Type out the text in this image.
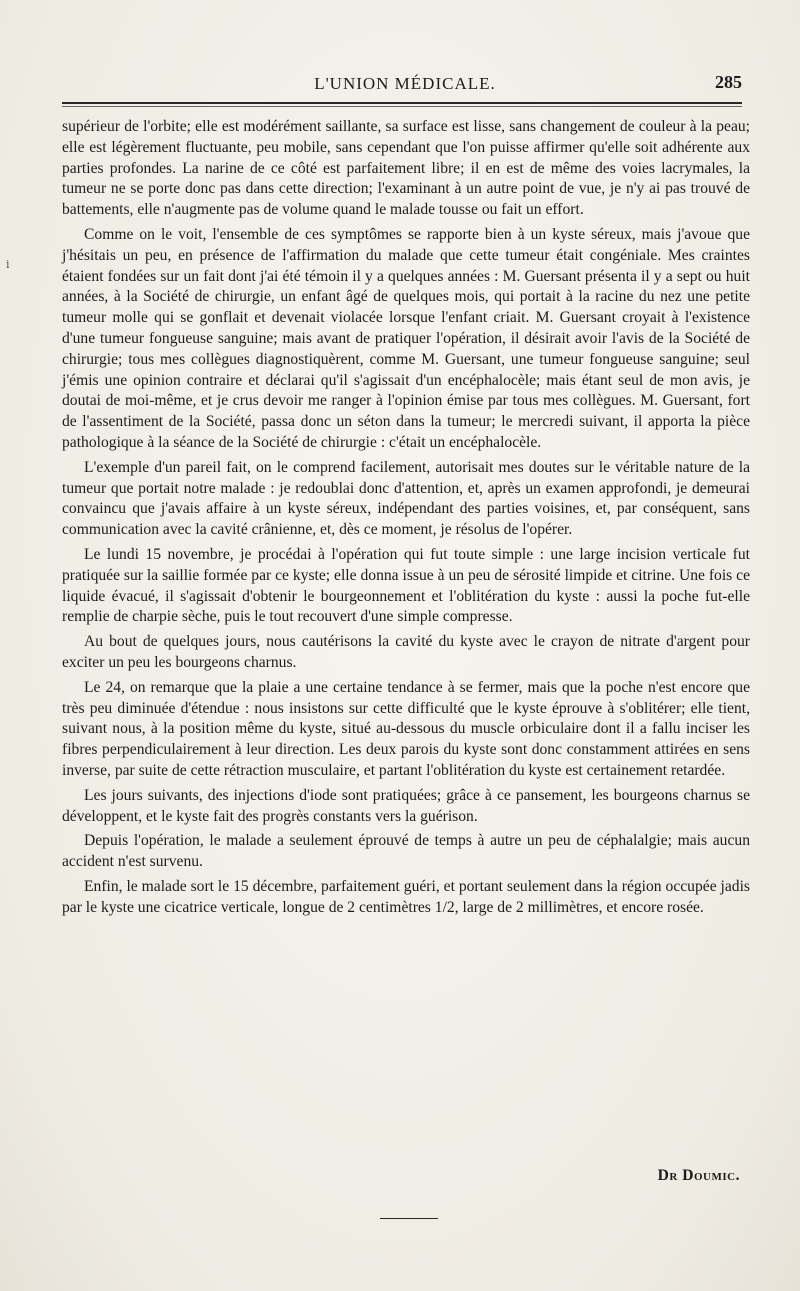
L'UNION MÉDICALE.	285
i

supérieur de l'orbite; elle est modérément saillante, sa surface est lisse, sans changement de couleur à la peau; elle est légèrement fluctuante, peu mobile, sans cependant que l'on puisse affirmer qu'elle soit adhérente aux parties profondes. La narine de ce côté est parfaitement libre; il en est de même des voies lacrymales, la tumeur ne se porte donc pas dans cette direction; l'examinant à un autre point de vue, je n'y ai pas trouvé de battements, elle n'augmente pas de volume quand le malade tousse ou fait un effort.

Comme on le voit, l'ensemble de ces symptômes se rapporte bien à un kyste séreux, mais j'avoue que j'hésitais un peu, en présence de l'affirmation du malade que cette tumeur était congéniale. Mes craintes étaient fondées sur un fait dont j'ai été témoin il y a quelques années : M. Guersant présenta il y a sept ou huit années, à la Société de chirurgie, un enfant âgé de quelques mois, qui portait à la racine du nez une petite tumeur molle qui se gonflait et devenait violacée lorsque l'enfant criait. M. Guersant croyait à l'existence d'une tumeur fongueuse sanguine; mais avant de pratiquer l'opération, il désirait avoir l'avis de la Société de chirurgie; tous mes collègues diagnostiquèrent, comme M. Guersant, une tumeur fongueuse sanguine; seul j'émis une opinion contraire et déclarai qu'il s'agissait d'un encéphalocèle; mais étant seul de mon avis, je doutai de moi-même, et je crus devoir me ranger à l'opinion émise par tous mes collègues. M. Guersant, fort de l'assentiment de la Société, passa donc un séton dans la tumeur; le mercredi suivant, il apporta la pièce pathologique à la séance de la Société de chirurgie : c'était un encéphalocèle.

L'exemple d'un pareil fait, on le comprend facilement, autorisait mes doutes sur le véritable nature de la tumeur que portait notre malade : je redoublai donc d'attention, et, après un examen approfondi, je demeurai convaincu que j'avais affaire à un kyste séreux, indépendant des parties voisines, et, par conséquent, sans communication avec la cavité crânienne, et, dès ce moment, je résolus de l'opérer.

Le lundi 15 novembre, je procédai à l'opération qui fut toute simple : une large incision verticale fut pratiquée sur la saillie formée par ce kyste; elle donna issue à un peu de sérosité limpide et citrine. Une fois ce liquide évacué, il s'agissait d'obtenir le bourgeonnement et l'oblitération du kyste : aussi la poche fut-elle remplie de charpie sèche, puis le tout recouvert d'une simple compresse.

Au bout de quelques jours, nous cautérisons la cavité du kyste avec le crayon de nitrate d'argent pour exciter un peu les bourgeons charnus.

Le 24, on remarque que la plaie a une certaine tendance à se fermer, mais que la poche n'est encore que très peu diminuée d'étendue : nous insistons sur cette difficulté que le kyste éprouve à s'oblitérer; elle tient, suivant nous, à la position même du kyste, situé au-dessous du muscle orbiculaire dont il a fallu inciser les fibres perpendiculairement à leur direction. Les deux parois du kyste sont donc constamment attirées en sens inverse, par suite de cette rétraction musculaire, et partant l'oblitération du kyste est certainement retardée.

Les jours suivants, des injections d'iode sont pratiquées; grâce à ce pansement, les bourgeons charnus se développent, et le kyste fait des progrès constants vers la guérison.

Depuis l'opération, le malade a seulement éprouvé de temps à autre un peu de céphalalgie; mais aucun accident n'est survenu.

Enfin, le malade sort le 15 décembre, parfaitement guéri, et portant seulement dans la région occupée jadis par le kyste une cicatrice verticale, longue de 2 centimètres 1/2, large de 2 millimètres, et encore rosée.

Dr Doumic.
